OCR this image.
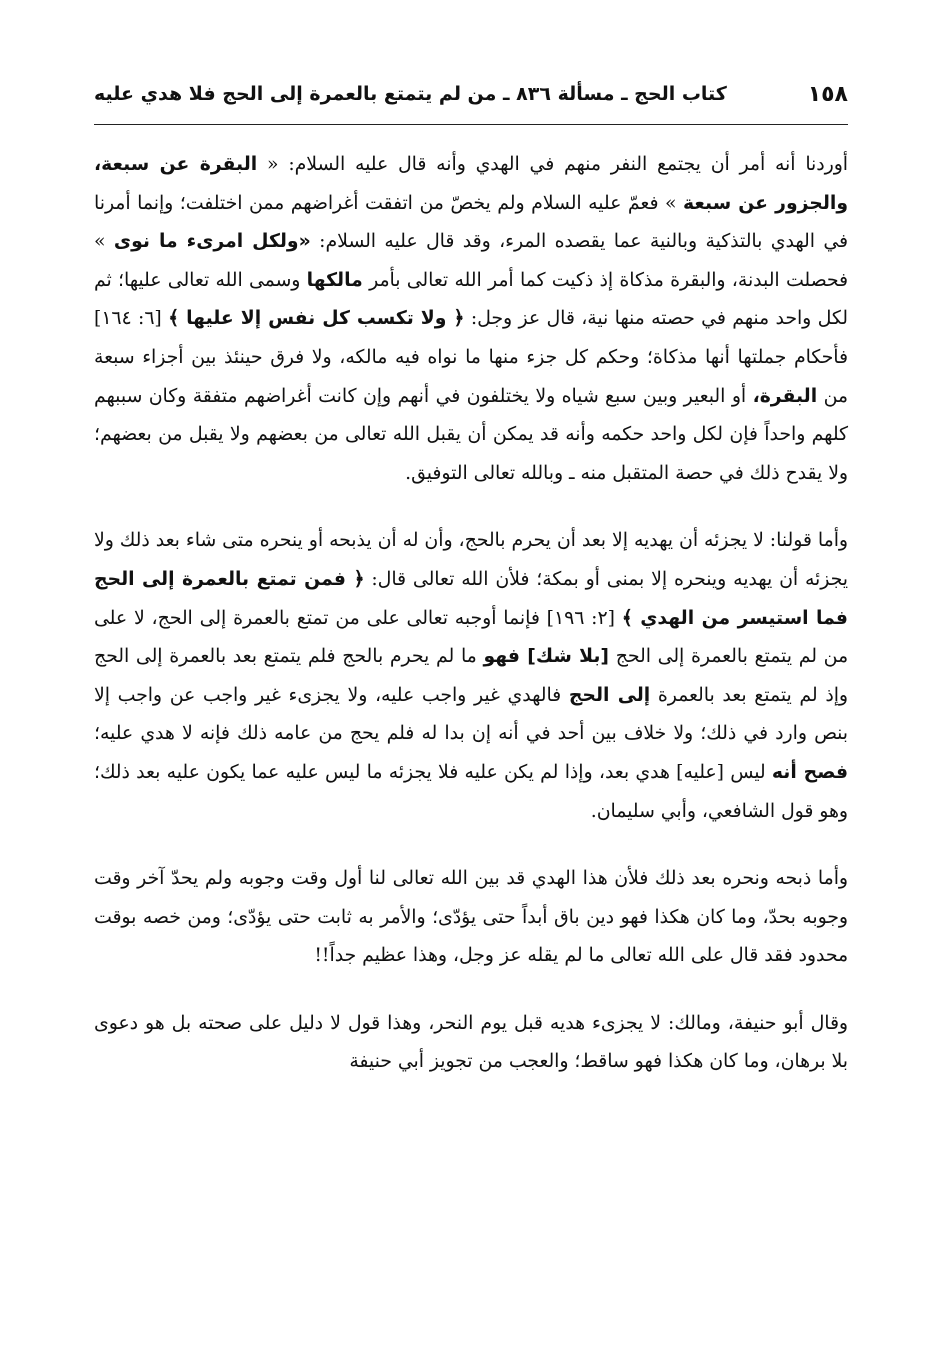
١٥٨
كتاب الحج ـ مسألة ٨٣٦ ـ من لم يتمتع بالعمرة إلى الحج فلا هدي عليه

أوردنا أنه أمر أن يجتمع النفر منهم في الهدي وأنه قال عليه السلام: « البقرة عن سبعة، والجزور عن سبعة » فعمّ عليه السلام ولم يخصّ من اتفقت أغراضهم ممن اختلفت؛ وإنما أمرنا في الهدي بالتذكية وبالنية عما يقصده المرء، وقد قال عليه السلام: «ولكل امرىء ما نوى » فحصلت البدنة، والبقرة مذكاة إذ ذكيت كما أمر الله تعالى بأمر مالكها وسمى الله تعالى عليها؛ ثم لكل واحد منهم في حصته منها نية، قال عز وجل: ﴿ ولا تكسب كل نفس إلا عليها ﴾ [٦: ١٦٤] فأحكام جملتها أنها مذكاة؛ وحكم كل جزء منها ما نواه فيه مالكه، ولا فرق حينئذ بين أجزاء سبعة من البقرة، أو البعير وبين سبع شياه ولا يختلفون في أنهم وإن كانت أغراضهم متفقة وكان سببهم كلهم واحداً فإن لكل واحد حكمه وأنه قد يمكن أن يقبل الله تعالى من بعضهم ولا يقبل من بعضهم؛ ولا يقدح ذلك في حصة المتقبل منه ـ وبالله تعالى التوفيق.

وأما قولنا: لا يجزئه أن يهديه إلا بعد أن يحرم بالحج، وأن له أن يذبحه أو ينحره متى شاء بعد ذلك ولا يجزئه أن يهديه وينحره إلا بمنى أو بمكة؛ فلأن الله تعالى قال: ﴿ فمن تمتع بالعمرة إلى الحج فما استيسر من الهدي ﴾ [٢: ١٩٦] فإنما أوجبه تعالى على من تمتع بالعمرة إلى الحج، لا على من لم يتمتع بالعمرة إلى الحج [بلا شك] فهو ما لم يحرم بالحج فلم يتمتع بعد بالعمرة إلى الحج وإذ لم يتمتع بعد بالعمرة إلى الحج فالهدي غير واجب عليه، ولا يجزىء غير واجب عن واجب إلا بنص وارد في ذلك؛ ولا خلاف بين أحد في أنه إن بدا له فلم يحج من عامه ذلك فإنه لا هدي عليه؛ فصح أنه ليس [عليه] هدي بعد، وإذا لم يكن عليه فلا يجزئه ما ليس عليه عما يكون عليه بعد ذلك؛ وهو قول الشافعي، وأبي سليمان.

وأما ذبحه ونحره بعد ذلك فلأن هذا الهدي قد بين الله تعالى لنا أول وقت وجوبه ولم يحدّ آخر وقت وجوبه بحدّ، وما كان هكذا فهو دين باق أبداً حتى يؤدّى؛ والأمر به ثابت حتى يؤدّى؛ ومن خصه بوقت محدود فقد قال على الله تعالى ما لم يقله عز وجل، وهذا عظيم جداً!!

وقال أبو حنيفة، ومالك: لا يجزىء هديه قبل يوم النحر، وهذا قول لا دليل على صحته بل هو دعوى بلا برهان، وما كان هكذا فهو ساقط؛ والعجب من تجويز أبي حنيفة
